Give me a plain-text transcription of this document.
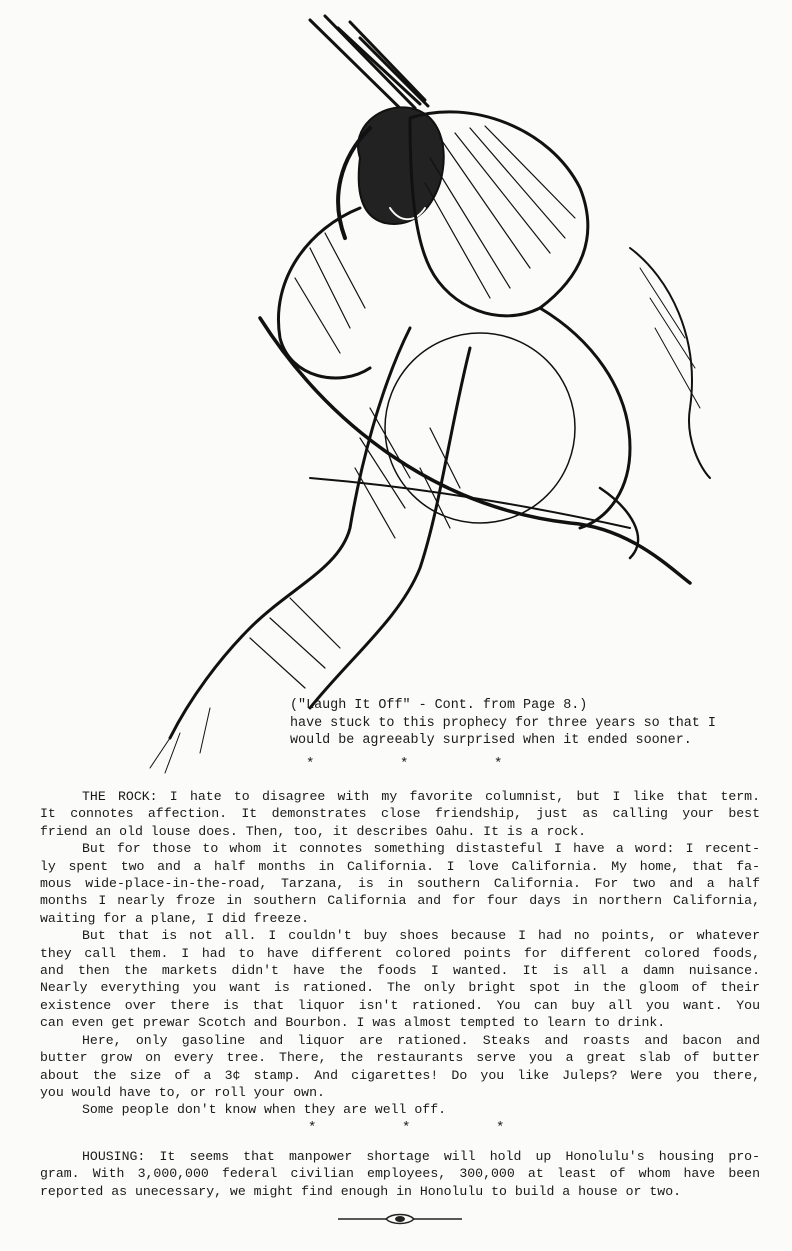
("Laugh It Off" - Cont. from Page 8.)
have stuck to this prophecy for three years so that I
would be agreeably surprised when it ended sooner.
*	*	*
THE ROCK: I hate to disagree with my favorite columnist, but I like that term.
It connotes affection. It demonstrates close friendship, just as calling your best
friend an old louse does. Then, too, it describes Oahu. It is a rock.
But for those to whom it connotes something distasteful I have a word: I recent-
ly spent two and a half months in California. I love California. My home, that fa-
mous wide-place-in-the-road, Tarzana, is in southern California. For two and a half
months I nearly froze in southern California and for four days in northern California,
waiting for a plane, I did freeze.
But that is not all. I couldn't buy shoes because I had no points, or whatever
they call them. I had to have different colored points for different colored foods,
and then the markets didn't have the foods I wanted. It is all a damn nuisance.
Nearly everything you want is rationed. The only bright spot in the gloom of their
existence over there is that liquor isn't rationed. You can buy all you want. You
can even get prewar Scotch and Bourbon. I was almost tempted to learn to drink.
Here, only gasoline and liquor are rationed. Steaks and roasts and bacon and
butter grow on every tree. There, the restaurants serve you a great slab of butter
about the size of a 3¢ stamp. And cigarettes! Do you like Juleps? Were you there,
you would have to, or roll your own.
Some people don't know when they are well off.
*	*	*
HOUSING: It seems that manpower shortage will hold up Honolulu's housing pro-
gram. With 3,000,000 federal civilian employees, 300,000 at least of whom have been
reported as unecessary, we might find enough in Honolulu to build a house or two.
